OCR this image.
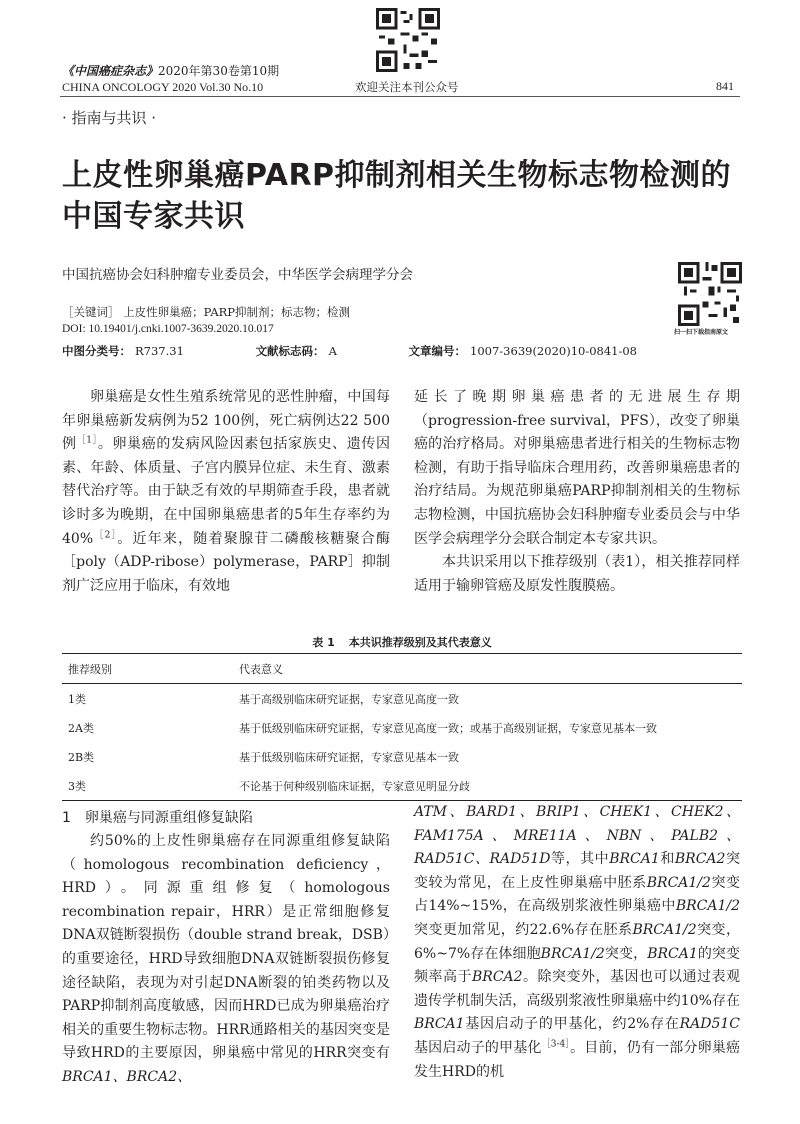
扫一扫下载指南原文
《中国癌症杂志》2020年第30卷第10期
CHINA ONCOLOGY 2020 Vol.30 No.10	欢迎关注本刊公众号	841
· 指南与共识 ·
上皮性卵巢癌PARP抑制剂相关生物标志物检测的中国专家共识
中国抗癌协会妇科肿瘤专业委员会，中华医学会病理学分会
［关键词］ 上皮性卵巢癌；PARP抑制剂；标志物；检测
DOI: 10.19401/j.cnki.1007-3639.2020.10.017
中图分类号： R737.31	文献标志码： A	文章编号： 1007-3639(2020)10-0841-08

卵巢癌是女性生殖系统常见的恶性肿瘤，中国每年卵巢癌新发病例为52 100例，死亡病例达22 500例$^{[1]}$。卵巢癌的发病风险因素包括家族史、遗传因素、年龄、体质量、子宫内膜异位症、未生育、激素替代治疗等。由于缺乏有效的早期筛查手段，患者就诊时多为晚期，在中国卵巢癌患者的5年生存率约为40%$^{[2]}$。近年来，随着聚腺苷二磷酸核糖聚合酶［poly（ADP-ribose）polymerase，PARP］抑制剂广泛应用于临床，有效地

延长了晚期卵巢癌患者的无进展生存期（progression-free survival，PFS），改变了卵巢癌的治疗格局。对卵巢癌患者进行相关的生物标志物检测，有助于指导临床合理用药，改善卵巢癌患者的治疗结局。为规范卵巢癌PARP抑制剂相关的生物标志物检测，中国抗癌协会妇科肿瘤专业委员会与中华医学会病理学分会联合制定本专家共识。

本共识采用以下推荐级别（表1），相关推荐同样适用于输卵管癌及原发性腹膜癌。

表 1 本共识推荐级别及其代表意义
推荐级别	代表意义
1类	基于高级别临床研究证据，专家意见高度一致
2A类	基于低级别临床研究证据，专家意见高度一致；或基于高级别证据，专家意见基本一致
2B类	基于低级别临床研究证据，专家意见基本一致
3类	不论基于何种级别临床证据，专家意见明显分歧
1　卵巢癌与同源重组修复缺陷

约50%的上皮性卵巢癌存在同源重组修复缺陷（homologous recombination deficiency，HRD）。同源重组修复（homologous recombination repair，HRR）是正常细胞修复DNA双链断裂损伤（double strand break，DSB）的重要途径，HRD导致细胞DNA双链断裂损伤修复途径缺陷，表现为对引起DNA断裂的铂类药物以及PARP抑制剂高度敏感，因而HRD已成为卵巢癌治疗相关的重要生物标志物。HRR通路相关的基因突变是导致HRD的主要原因，卵巢癌中常见的HRR突变有BRCA1、BRCA2、

ATM、BARD1、BRIP1、CHEK1、CHEK2、FAM175A、MRE11A、NBN、PALB2、RAD51C、RAD51D等，其中BRCA1和BRCA2突变较为常见，在上皮性卵巢癌中胚系BRCA1/2突变占14%~15%，在高级别浆液性卵巢癌中BRCA1/2突变更加常见，约22.6%存在胚系BRCA1/2突变，6%~7%存在体细胞BRCA1/2突变，BRCA1的突变频率高于BRCA2。除突变外，基因也可以通过表观遗传学机制失活，高级别浆液性卵巢癌中约10%存在BRCA1基因启动子的甲基化，约2%存在RAD51C基因启动子的甲基化$^{[3-4]}$。目前，仍有一部分卵巢癌发生HRD的机
